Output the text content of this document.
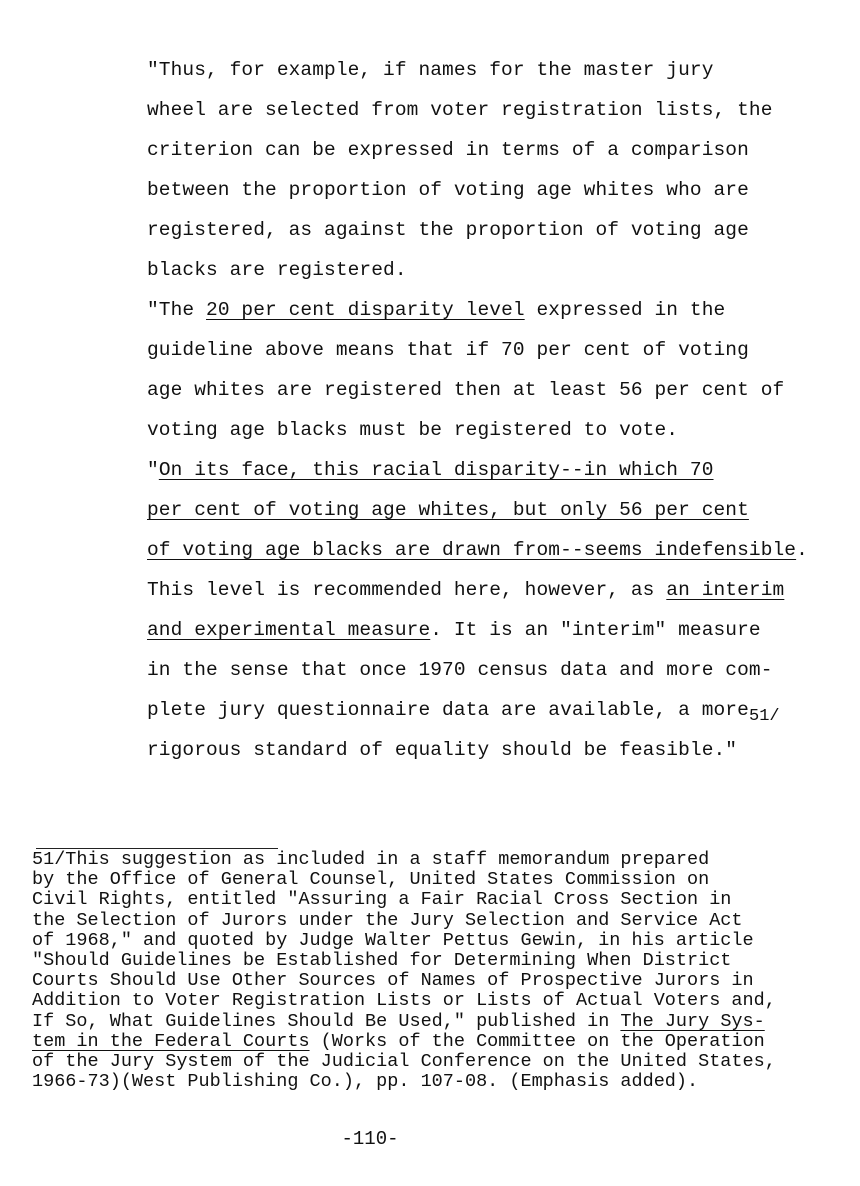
"Thus, for example, if names for the master jury
wheel are selected from voter registration lists, the
criterion can be expressed in terms of a comparison
between the proportion of voting age whites who are
registered, as against the proportion of voting age
blacks are registered.
"The 20 per cent disparity level expressed in the
guideline above means that if 70 per cent of voting
age whites are registered then at least 56 per cent of
voting age blacks must be registered to vote.
"On its face, this racial disparity--in which 70
per cent of voting age whites, but only 56 per cent
of voting age blacks are drawn from--seems indefensible.
This level is recommended here, however, as an interim
and experimental measure. It is an "interim" measure
in the sense that once 1970 census data and more com-
plete jury questionnaire data are available, a more
rigorous standard of equality should be feasible."
51/
51/This suggestion as included in a staff memorandum prepared
by the Office of General Counsel, United States Commission on
Civil Rights, entitled "Assuring a Fair Racial Cross Section in
the Selection of Jurors under the Jury Selection and Service Act
of 1968," and quoted by Judge Walter Pettus Gewin, in his article
"Should Guidelines be Established for Determining When District
Courts Should Use Other Sources of Names of Prospective Jurors in
Addition to Voter Registration Lists or Lists of Actual Voters and,
If So, What Guidelines Should Be Used," published in The Jury Sys-
tem in the Federal Courts (Works of the Committee on the Operation
of the Jury System of the Judicial Conference on the United States,
1966-73)(West Publishing Co.), pp. 107-08. (Emphasis added).
-110-
